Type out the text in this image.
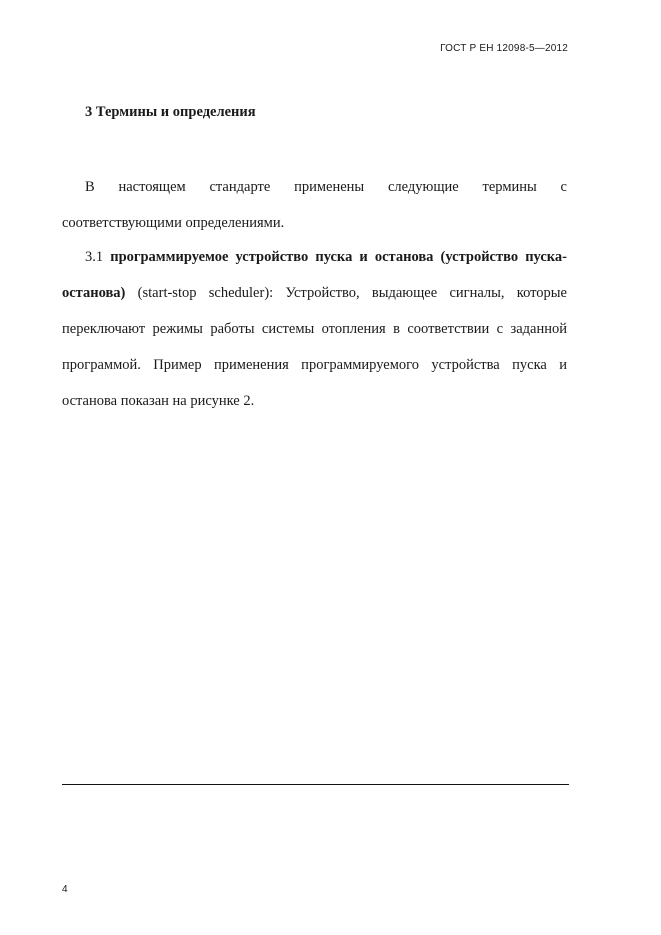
ГОСТ Р ЕН 12098-5—2012
3 Термины и определения

В настоящем стандарте применены следующие термины с соответствующими определениями.

3.1 программируемое устройство пуска и останова (устройство пуска-останова) (start-stop scheduler): Устройство, выдающее сигналы, которые переключают режимы работы системы отопления в соответствии с заданной программой. Пример применения программируемого устройства пуска и останова показан на рисунке 2.

4
